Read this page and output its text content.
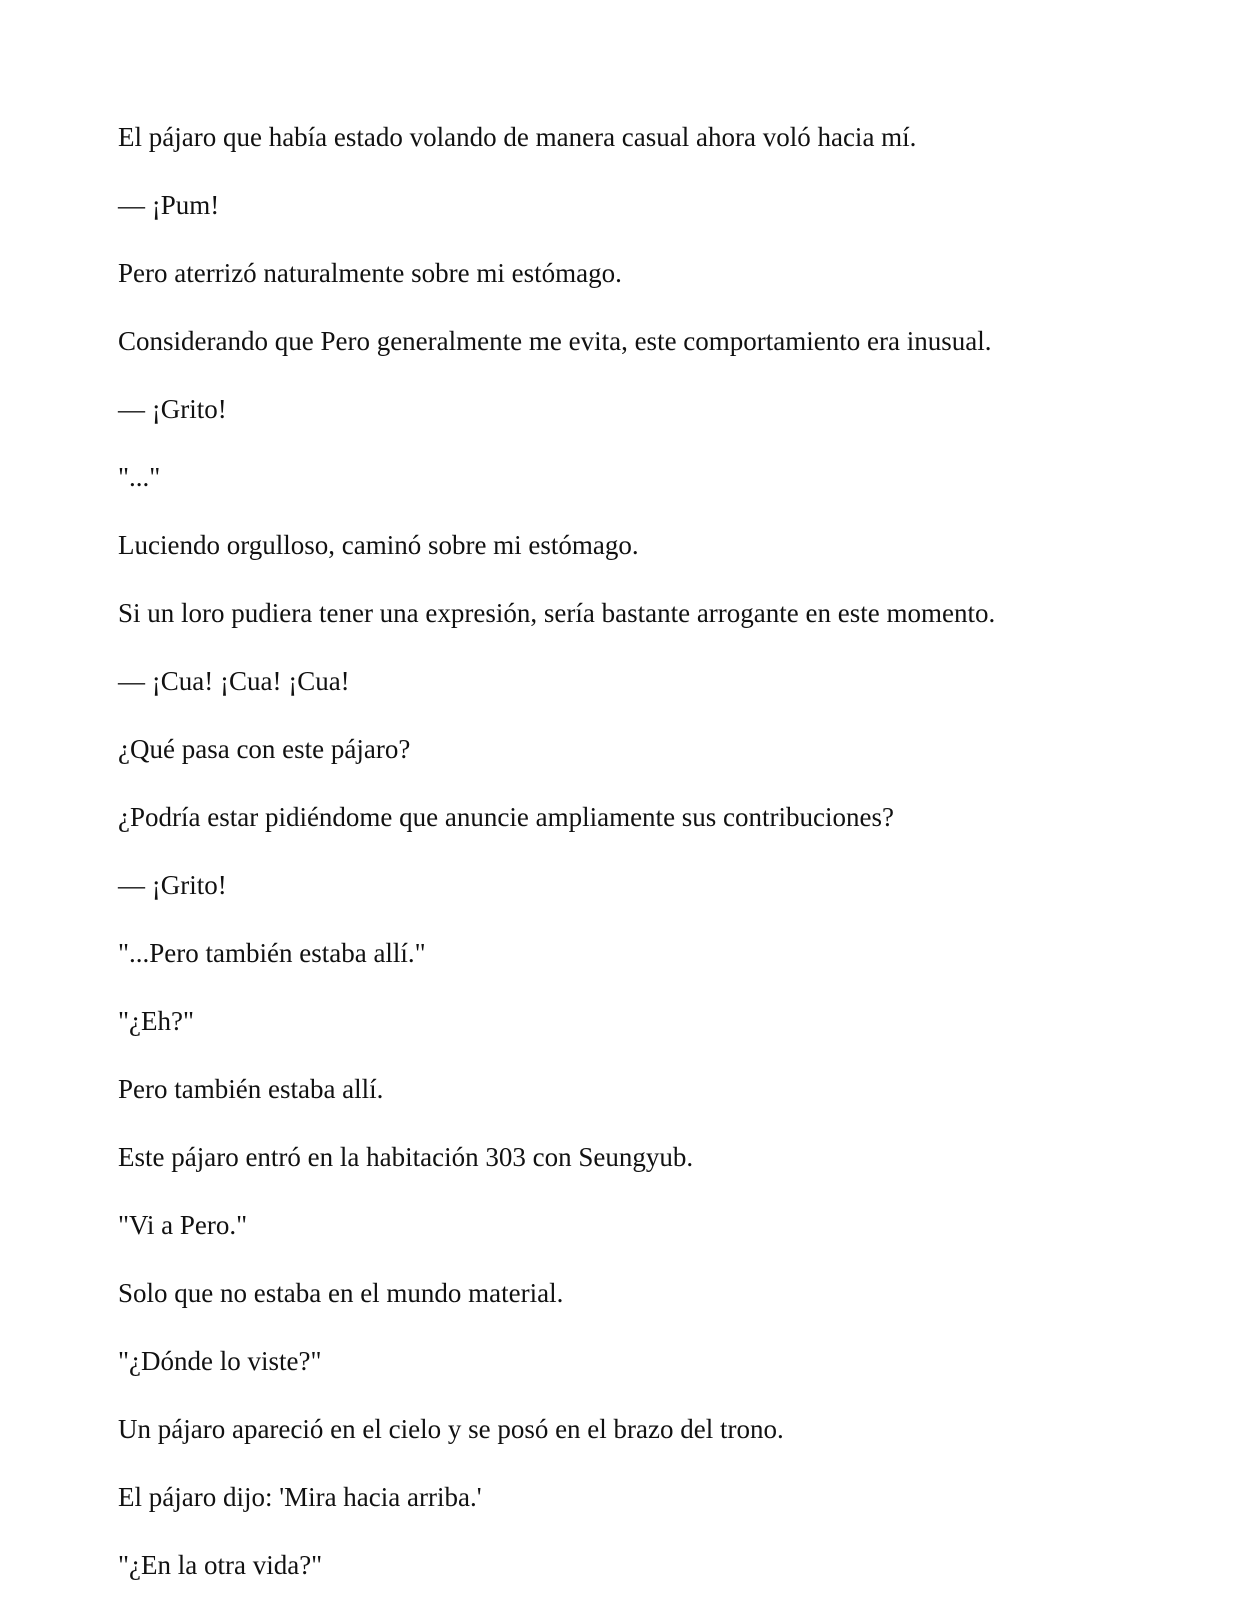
El pájaro que había estado volando de manera casual ahora voló hacia mí.

— ¡Pum!

Pero aterrizó naturalmente sobre mi estómago.

Considerando que Pero generalmente me evita, este comportamiento era inusual.

— ¡Grito!

"..."

Luciendo orgulloso, caminó sobre mi estómago.

Si un loro pudiera tener una expresión, sería bastante arrogante en este momento.

— ¡Cua! ¡Cua! ¡Cua!

¿Qué pasa con este pájaro?

¿Podría estar pidiéndome que anuncie ampliamente sus contribuciones?

— ¡Grito!

"...Pero también estaba allí."

"¿Eh?"

Pero también estaba allí.

Este pájaro entró en la habitación 303 con Seungyub.

"Vi a Pero."

Solo que no estaba en el mundo material.

"¿Dónde lo viste?"

Un pájaro apareció en el cielo y se posó en el brazo del trono.

El pájaro dijo: 'Mira hacia arriba.'

"¿En la otra vida?"
